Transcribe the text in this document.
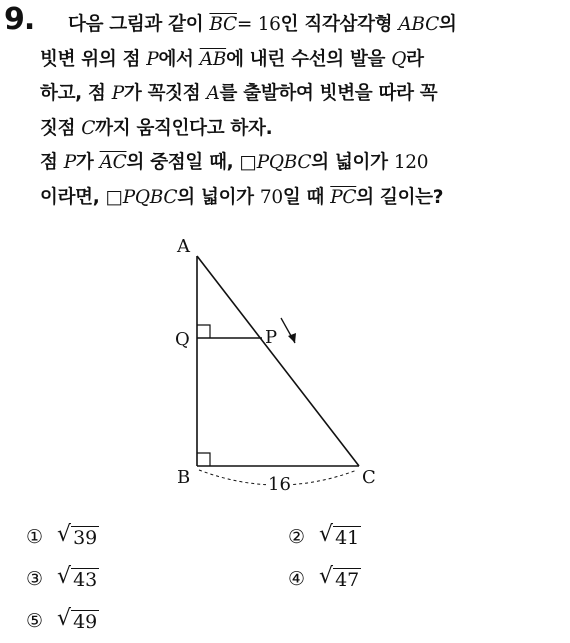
9.	다음 그림과 같이 $\overline{BC}= 16$인 직각삼각형 ABC의
빗변 위의 점 P에서 $\overline{AB}$에 내린 수선의 발을 Q라
하고, 점 P가 꼭짓점 A를 출발하여 빗변을 따라 꼭
짓점 C까지 움직인다고 하자.
점 P가 $\overline{AC}$의 중점일 때, □PQBC의 넓이가 120
이라면, □PQBC의 넓이가 70일 때 $\overline{PC}$의 길이는?
A
Q	P
B	C
16
① √ 39	② √ 41
③ √ 43	④ √ 47
⑤ √ 49
